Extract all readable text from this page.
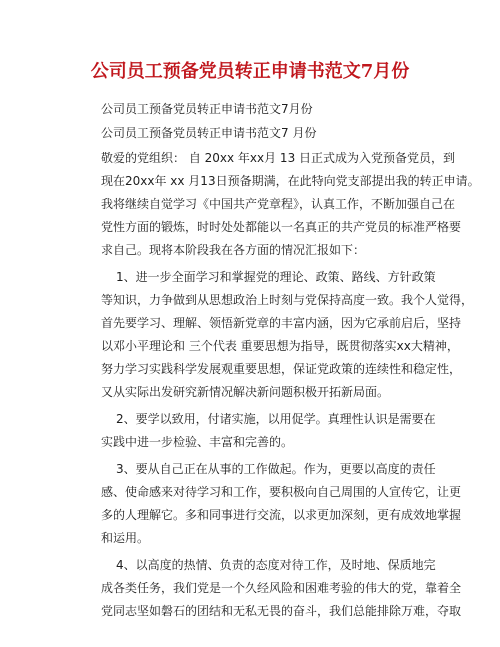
公司员工预备党员转正申请书范文7月份
公司员工预备党员转正申请书范文7月份
公司员工预备党员转正申请书范文7 月份
敬爱的党组织： 自 20xx 年xx月 13 日正式成为入党预备党员，到
现在20xx年 xx 月13日预备期满，在此特向党支部提出我的转正申请。
我将继续自觉学习《中国共产党章程》，认真工作，不断加强自己在
党性方面的锻炼，时时处处都能以一名真正的共产党员的标准严格要
求自己。现将本阶段我在各方面的情况汇报如下：
1、进一步全面学习和掌握党的理论、政策、路线、方针政策
等知识，力争做到从思想政治上时刻与党保持高度一致。我个人觉得，
首先要学习、理解、领悟新党章的丰富内涵，因为它承前启后，坚持
以邓小平理论和 三个代表 重要思想为指导，既贯彻落实xx大精神，
努力学习实践科学发展观重要思想，保证党政策的连续性和稳定性，
又从实际出发研究新情况解决新问题积极开拓新局面。
2、要学以致用，付诸实施，以用促学。真理性认识是需要在
实践中进一步检验、丰富和完善的。
3、要从自己正在从事的工作做起。作为，更要以高度的责任
感、使命感来对待学习和工作，要积极向自己周围的人宣传它，让更
多的人理解它。多和同事进行交流，以求更加深刻，更有成效地掌握
和运用。
4、以高度的热情、负责的态度对待工作，及时地、保质地完
成各类任务，我们党是一个久经风险和困难考验的伟大的党，靠着全
党同志坚如磐石的团结和无私无畏的奋斗，我们总能排除万难，夺取
